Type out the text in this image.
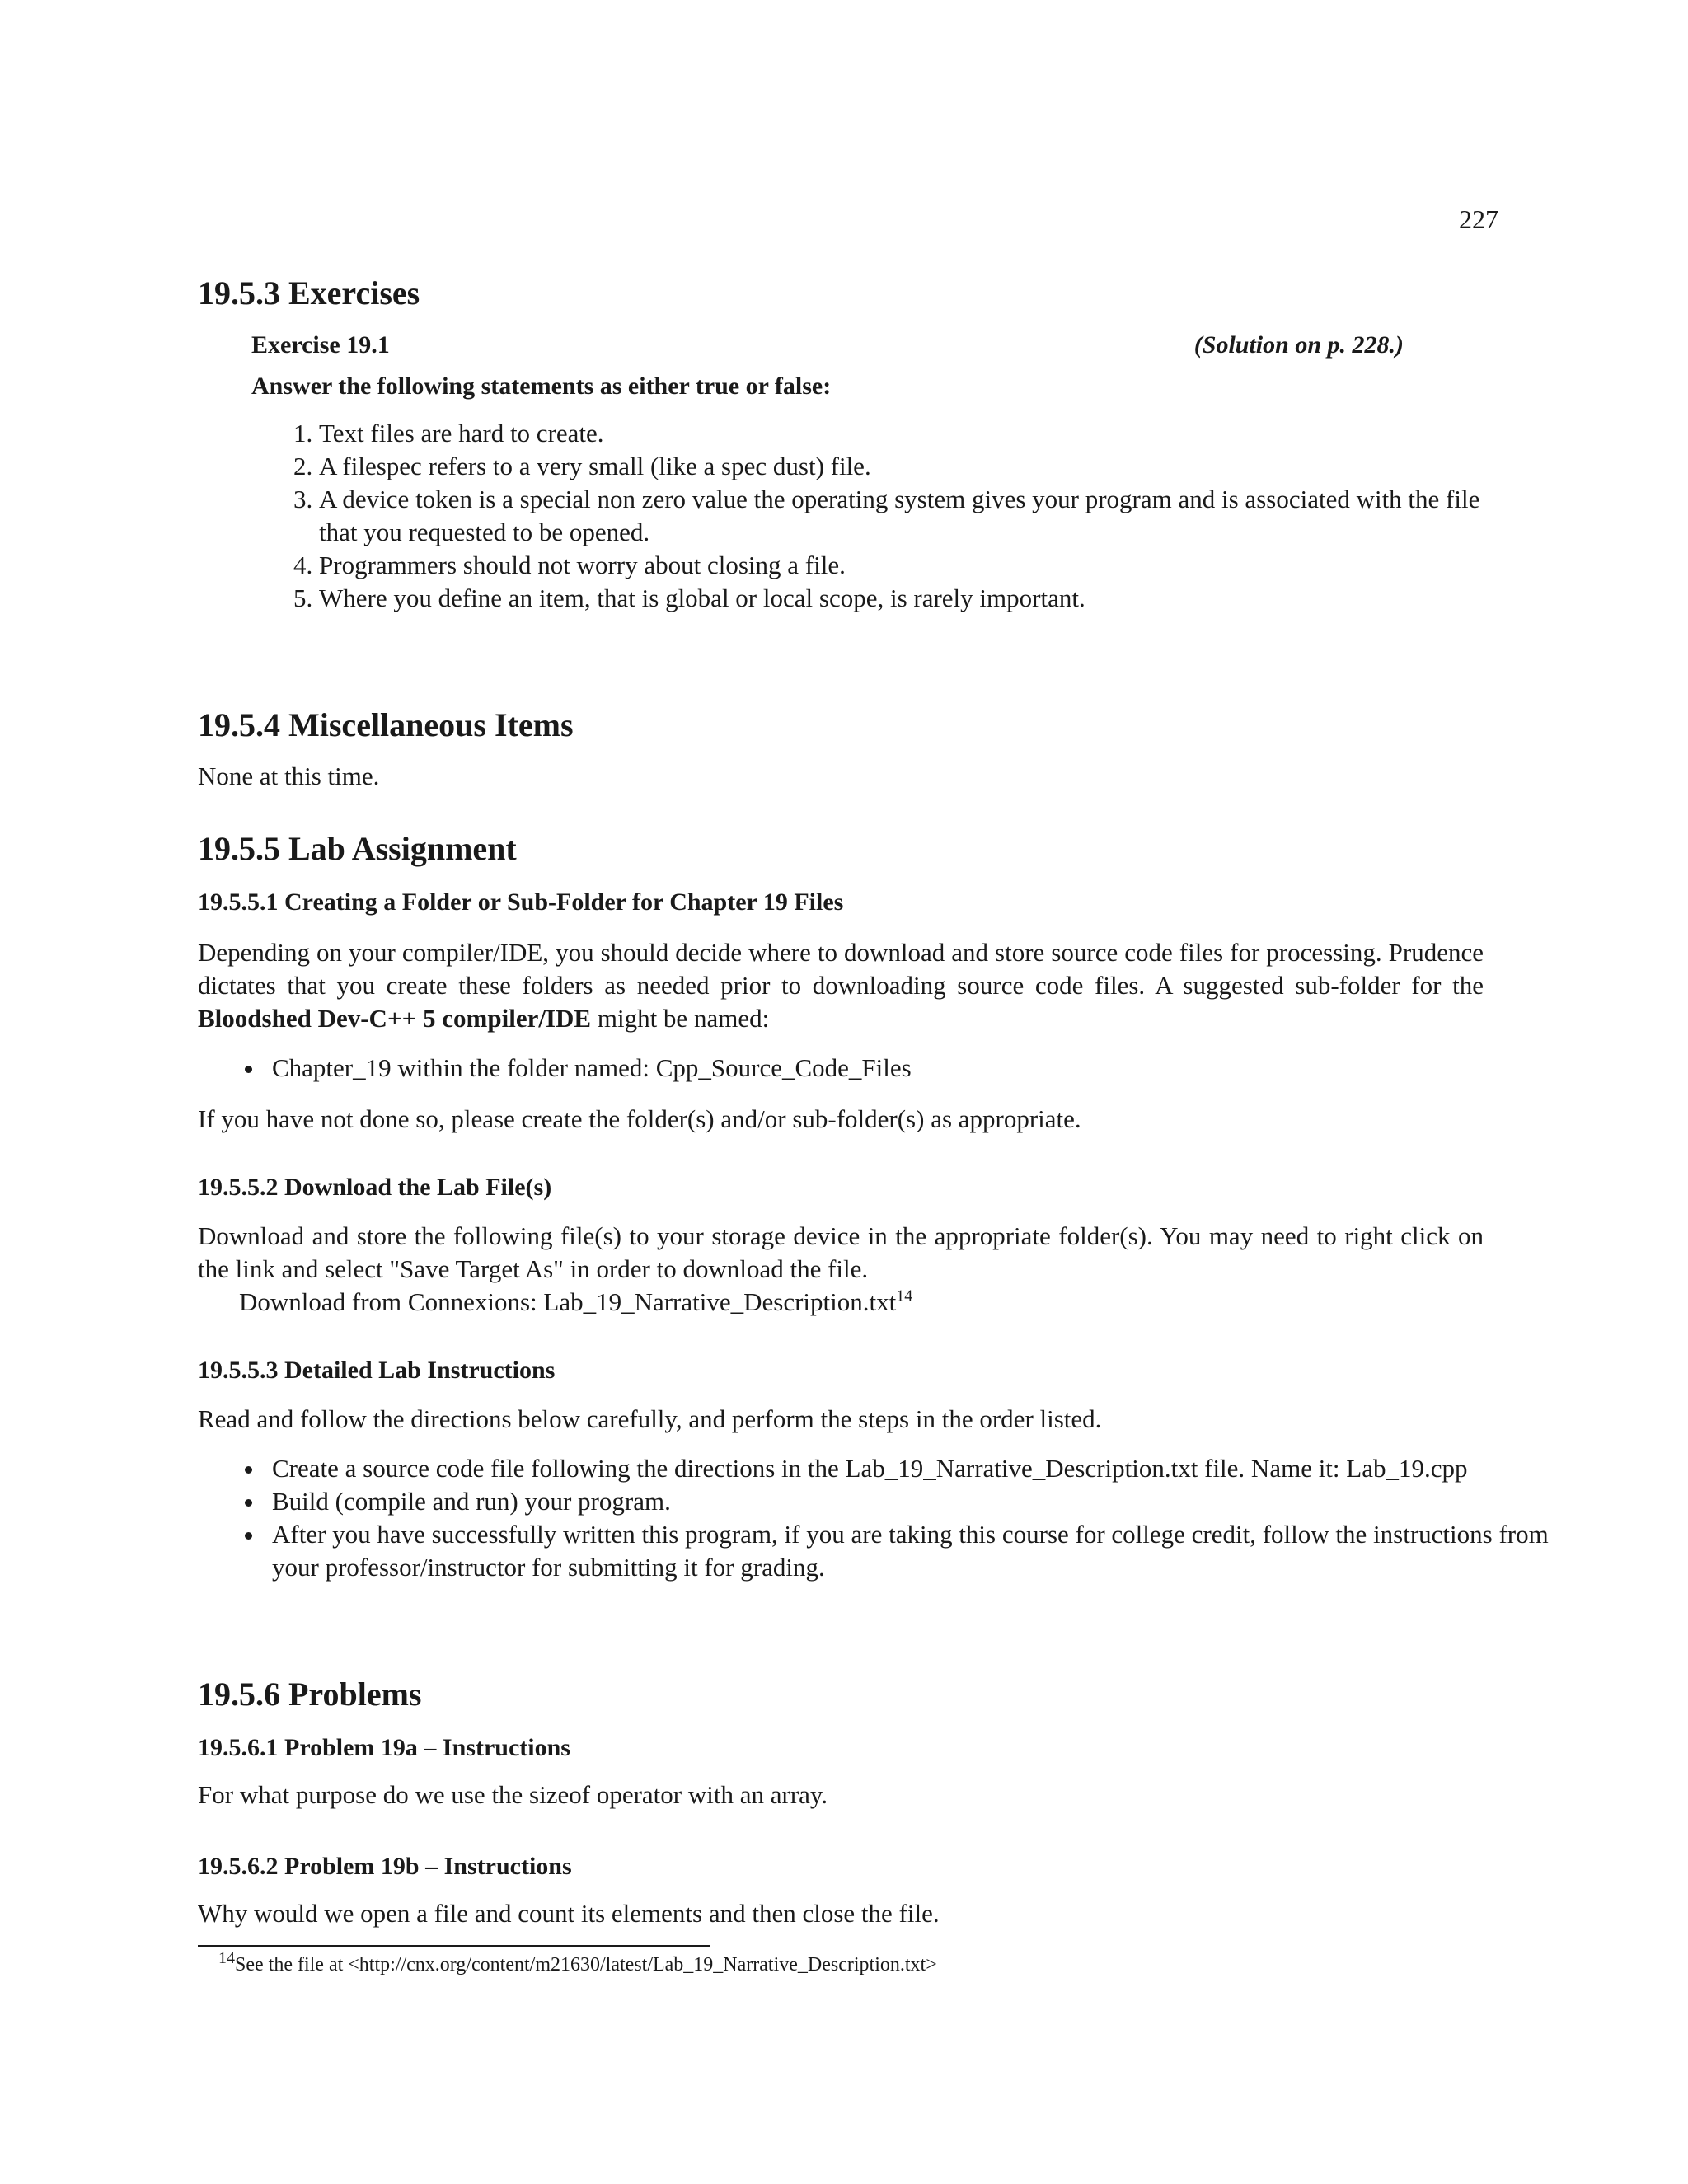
227
19.5.3 Exercises
Exercise 19.1	(Solution on p. 228.)
Answer the following statements as either true or false:
1. Text files are hard to create.
2. A filespec refers to a very small (like a spec dust) file.
3. A device token is a special non zero value the operating system gives your program and is associated with the file that you requested to be opened.
4. Programmers should not worry about closing a file.
5. Where you define an item, that is global or local scope, is rarely important.
19.5.4 Miscellaneous Items

None at this time.

19.5.5 Lab Assignment
19.5.5.1 Creating a Folder or Sub-Folder for Chapter 19 Files

Depending on your compiler/IDE, you should decide where to download and store source code files for processing. Prudence dictates that you create these folders as needed prior to downloading source code files. A suggested sub-folder for the Bloodshed Dev-C++ 5 compiler/IDE might be named:

• Chapter_19 within the folder named: Cpp_Source_Code_Files

If you have not done so, please create the folder(s) and/or sub-folder(s) as appropriate.

19.5.5.2 Download the Lab File(s)

Download and store the following file(s) to your storage device in the appropriate folder(s). You may need to right click on the link and select "Save Target As" in order to download the file.

Download from Connexions: Lab_19_Narrative_Description.txt$^{14}$
19.5.5.3 Detailed Lab Instructions

Read and follow the directions below carefully, and perform the steps in the order listed.

• Create a source code file following the directions in the Lab_19_Narrative_Description.txt file. Name it: Lab_19.cpp
• Build (compile and run) your program.
• After you have successfully written this program, if you are taking this course for college credit, follow the instructions from your professor/instructor for submitting it for grading.
19.5.6 Problems
19.5.6.1 Problem 19a – Instructions

For what purpose do we use the sizeof operator with an array.

19.5.6.2 Problem 19b – Instructions

Why would we open a file and count its elements and then close the file.

$^{14}$See the file at <http://cnx.org/content/m21630/latest/Lab_19_Narrative_Description.txt>
